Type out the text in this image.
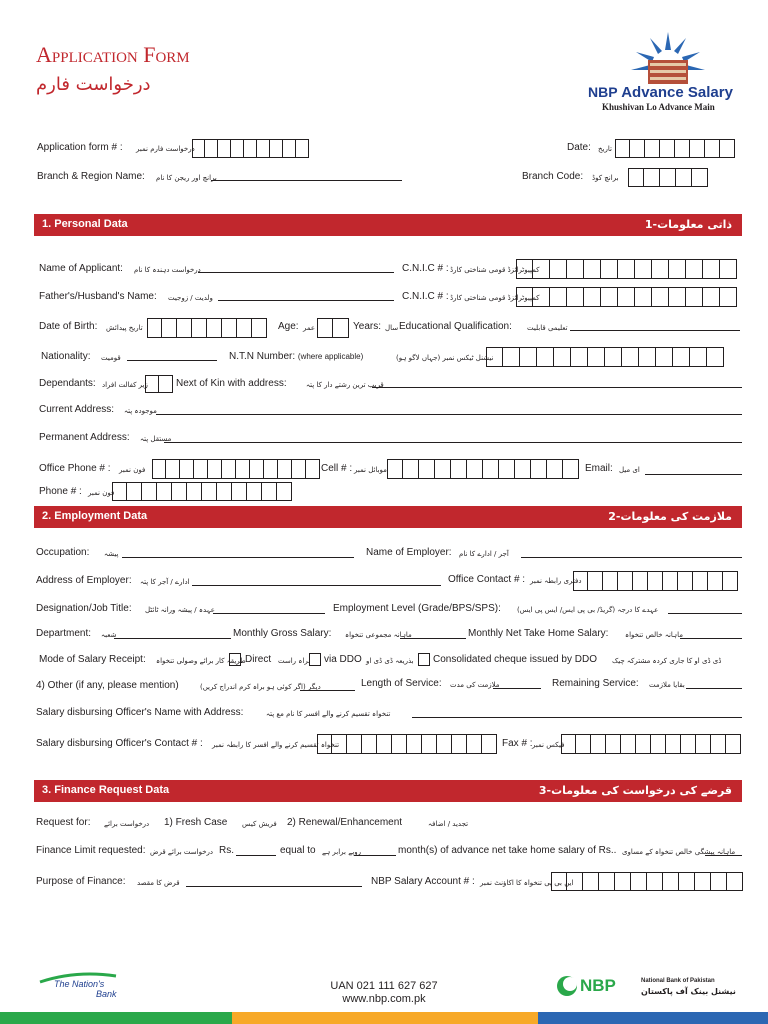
Application Form
درخواست فارم	NBP Advance Salary
Khushivan Lo Advance Main
Application form # : درخواست فارم نمبر	Date: تاریخ
Branch & Region Name: برانچ اور ریجن کا نام	Branch Code: برانچ کوڈ
1. Personal Data	1-ذاتی معلومات
Name of Applicant: درخواست دہندہ کا نام	C.N.I.C # : کمپیوٹرائزڈ قومی شناختی کارڈ
Father's/Husband's Name: ولدیت / زوجیت	C.N.I.C # : کمپیوٹرائزڈ قومی شناختی کارڈ
Date of Birth: تاریخ پیدائش	Age: عمر	Years: سال Educational Qualification: تعلیمی قابلیت
Nationality: قومیت	N.T.N Number: (where applicable)	نیشنل ٹیکس نمبر (جہاں لاگو ہو)
Dependants: زیر کفالت افراد	Next of Kin with address:	قریب ترین رشتے دار کا پتہ
Current Address: موجودہ پتہ
Permanent Address: مستقل پتہ
Office Phone # : فون نمبر	Cell # : موبائل نمبر	Email: ای میل
Phone # : فون نمبر
2. Employment Data	2-ملازمت کی معلومات
Occupation: پیشہ	Name of Employer: آجر / ادارے کا نام
Address of Employer: ادارے / آجر کا پتہ	Office Contact # : دفتری رابطہ نمبر
Designation/Job Title: عہدہ / پیشہ ورانہ ٹائٹل	Employment Level (Grade/BPS/SPS): عہدے کا درجہ (گریڈ/ بی پی ایس/ ایس پی ایس)
Department: شعبہ	Monthly Gross Salary: ماہانہ مجموعی تنخواہ	Monthly Net Take Home Salary: ماہانہ خالص تنخواہ
Mode of Salary Receipt: طریقہ کار برائے وصولی تنخواہ Direct براہ راست via DDO بذریعہ ڈی ڈی او Consolidated cheque issued by DDO ڈی ڈی او کا جاری کردہ مشترکہ چیک
4) Other (if any, please mention)	دیگر (اگر کوئی ہو براہ کرم اندراج کریں)	Length of Service: ملازمت کی مدت	Remaining Service: بقایا ملازمت
Salary disbursing Officer's Name with Address:	تنخواہ تقسیم کرنے والے افسر کا نام مع پتہ
Salary disbursing Officer's Contact # : تنخواہ تقسیم کرنے والے افسر کا رابطہ نمبر	Fax # : فیکس نمبر
3. Finance Request Data	3-قرضے کی درخواست کی معلومات
Request for: درخواست برائے 1) Fresh Case فریش کیس 2) Renewal/Enhancement	تجدید / اضافہ
Finance Limit requested: درخواست برائے قرض Rs.	equal to روپے برابر ہے	month(s) of advance net take home salary of Rs.. ماہانہ پیشگی خالص تنخواہ کے مساوی
Purpose of Finance: قرض کا مقصد	NBP Salary Account # : این بی پی تنخواہ کا اکاؤنٹ نمبر
The Nation's
Bank
UAN 021 111 627 627
www.nbp.com.pk
NBP	National Bank of Pakistan
نیشنل بینک آف پاکستان
